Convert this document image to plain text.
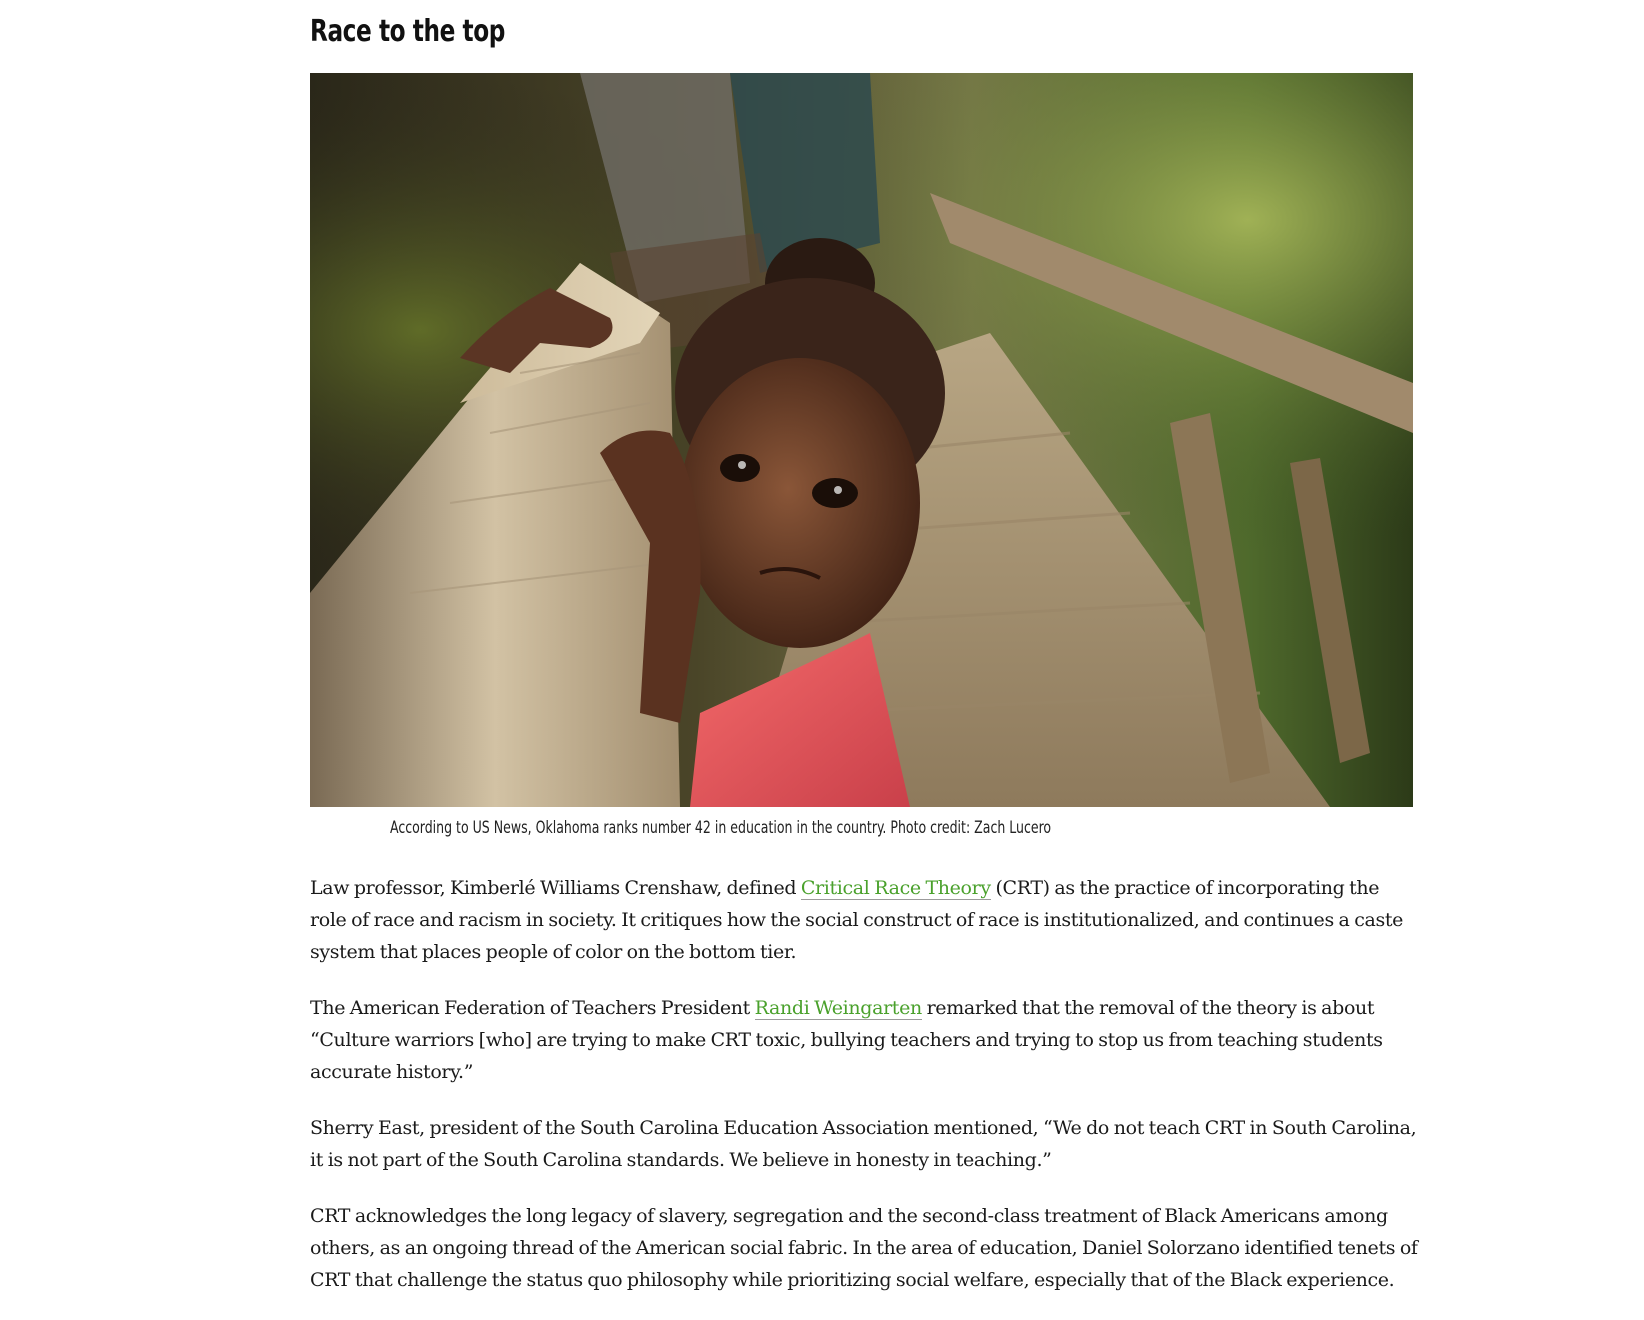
Race to the top
According to US News, Oklahoma ranks number 42 in education in the country. Photo credit: Zach Lucero

Law professor, Kimberlé Williams Crenshaw, defined Critical Race Theory (CRT) as the practice of incorporating the role of race and racism in society. It critiques how the social construct of race is institutionalized, and continues a caste system that places people of color on the bottom tier.

The American Federation of Teachers President Randi Weingarten remarked that the removal of the theory is about “Culture warriors [who] are trying to make CRT toxic, bullying teachers and trying to stop us from teaching students accurate history.”

Sherry East, president of the South Carolina Education Association mentioned, “We do not teach CRT in South Carolina, it is not part of the South Carolina standards. We believe in honesty in teaching.”

CRT acknowledges the long legacy of slavery, segregation and the second-class treatment of Black Americans among others, as an ongoing thread of the American social fabric. In the area of education, Daniel Solorzano identified tenets of CRT that challenge the status quo philosophy while prioritizing social welfare, especially that of the Black experience.
